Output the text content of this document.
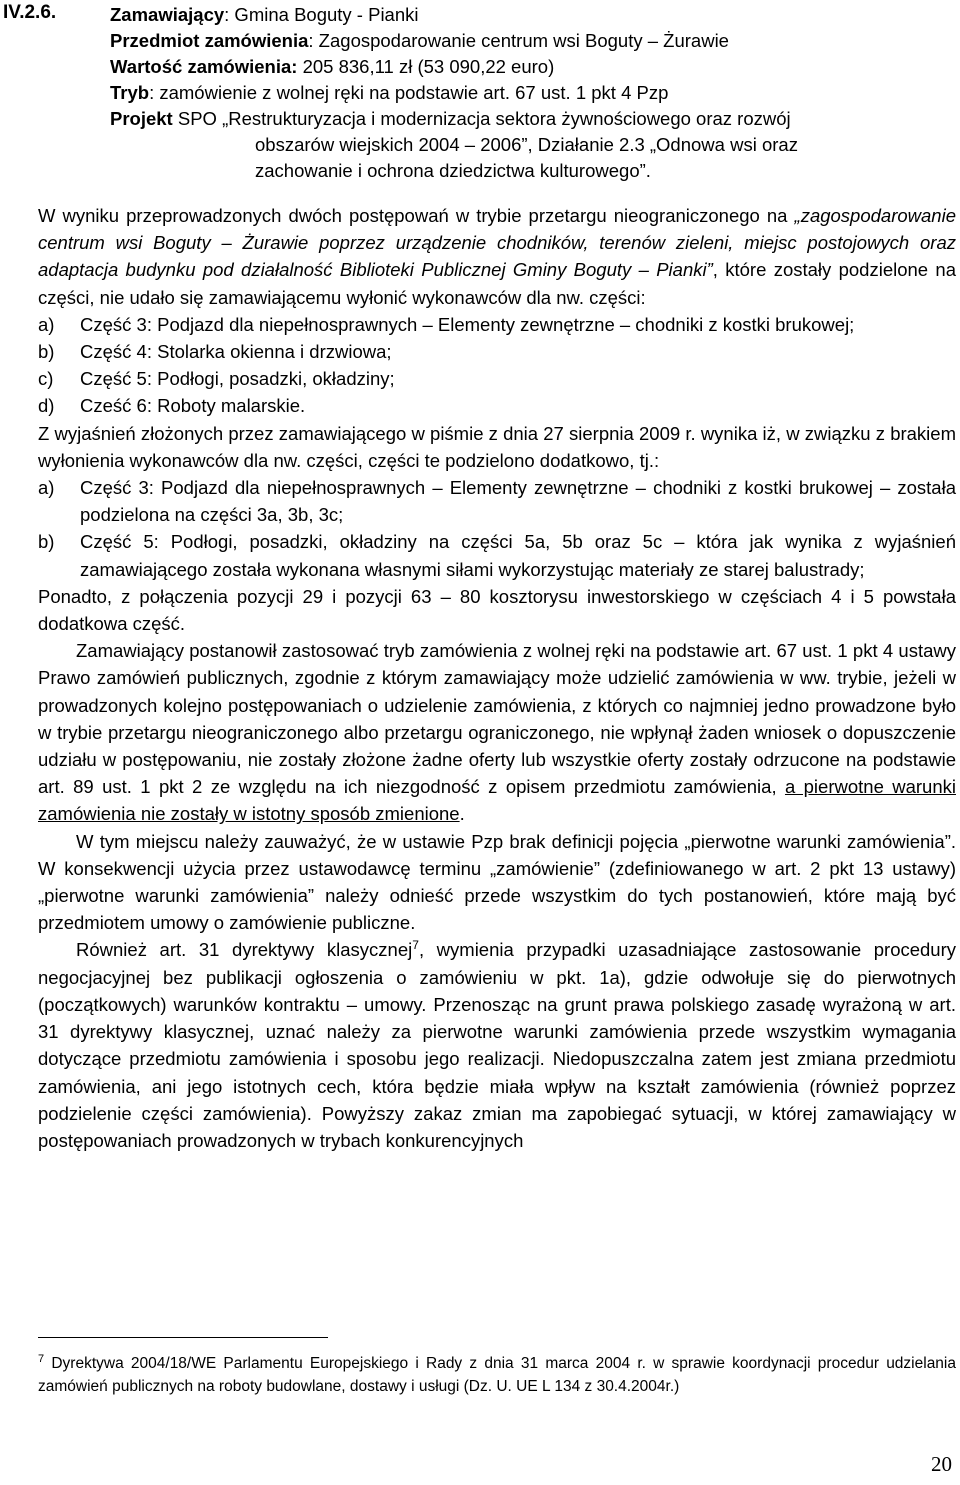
IV.2.6.	Zamawiający: Gmina Boguty - Pianki
Przedmiot zamówienia: Zagospodarowanie centrum wsi Boguty – Żurawie
Wartość zamówienia: 205 836,11 zł (53 090,22 euro)
Tryb: zamówienie z wolnej ręki na podstawie art. 67 ust. 1 pkt 4 Pzp
Projekt SPO „Restrukturyzacja i modernizacja sektora żywnościowego oraz rozwój
obszarów wiejskich 2004 – 2006”, Działanie 2.3 „Odnowa wsi oraz
zachowanie i ochrona dziedzictwa kulturowego”.

W wyniku przeprowadzonych dwóch postępowań w trybie przetargu nieograniczonego na „zagospodarowanie centrum wsi Boguty – Żurawie poprzez urządzenie chodników, terenów zieleni, miejsc postojowych oraz adaptacja budynku pod działalność Biblioteki Publicznej Gminy Boguty – Pianki”, które zostały podzielone na części, nie udało się zamawiającemu wyłonić wykonawców dla nw. części:

a) Część 3: Podjazd dla niepełnosprawnych – Elementy zewnętrzne – chodniki z kostki brukowej;
b) Część 4: Stolarka okienna i drzwiowa;
c) Część 5: Podłogi, posadzki, okładziny;
d) Cześć 6: Roboty malarskie.

Z wyjaśnień złożonych przez zamawiającego w piśmie z dnia 27 sierpnia 2009 r. wynika iż, w związku z brakiem wyłonienia wykonawców dla nw. części, części te podzielono dodatkowo, tj.:

a) Część 3: Podjazd dla niepełnosprawnych – Elementy zewnętrzne – chodniki z kostki brukowej – została podzielona na części 3a, 3b, 3c;
b) Część 5: Podłogi, posadzki, okładziny na części 5a, 5b oraz 5c – która jak wynika z wyjaśnień zamawiającego została wykonana własnymi siłami wykorzystując materiały ze starej balustrady;

Ponadto, z połączenia pozycji 29 i pozycji 63 – 80 kosztorysu inwestorskiego w częściach 4 i 5 powstała dodatkowa część.

Zamawiający postanowił zastosować tryb zamówienia z wolnej ręki na podstawie art. 67 ust. 1 pkt 4 ustawy Prawo zamówień publicznych, zgodnie z którym zamawiający może udzielić zamówienia w ww. trybie, jeżeli w prowadzonych kolejno postępowaniach o udzielenie zamówienia, z których co najmniej jedno prowadzone było w trybie przetargu nieograniczonego albo przetargu ograniczonego, nie wpłynął żaden wniosek o dopuszczenie udziału w postępowaniu, nie zostały złożone żadne oferty lub wszystkie oferty zostały odrzucone na podstawie art. 89 ust. 1 pkt 2 ze względu na ich niezgodność z opisem przedmiotu zamówienia, a pierwotne warunki zamówienia nie zostały w istotny sposób zmienione.

W tym miejscu należy zauważyć, że w ustawie Pzp brak definicji pojęcia „pierwotne warunki zamówienia”. W konsekwencji użycia przez ustawodawcę terminu „zamówienie” (zdefiniowanego w art. 2 pkt 13 ustawy) „pierwotne warunki zamówienia” należy odnieść przede wszystkim do tych postanowień, które mają być przedmiotem umowy o zamówienie publiczne.

Również art. 31 dyrektywy klasycznej$^7$, wymienia przypadki uzasadniające zastosowanie procedury negocjacyjnej bez publikacji ogłoszenia o zamówieniu w pkt. 1a), gdzie odwołuje się do pierwotnych (początkowych) warunków kontraktu – umowy. Przenosząc na grunt prawa polskiego zasadę wyrażoną w art. 31 dyrektywy klasycznej, uznać należy za pierwotne warunki zamówienia przede wszystkim wymagania dotyczące przedmiotu zamówienia i sposobu jego realizacji. Niedopuszczalna zatem jest zmiana przedmiotu zamówienia, ani jego istotnych cech, która będzie miała wpływ na kształt zamówienia (również poprzez podzielenie części zamówienia). Powyższy zakaz zmian ma zapobiegać sytuacji, w której zamawiający w postępowaniach prowadzonych w trybach konkurencyjnych

$^7$ Dyrektywa 2004/18/WE Parlamentu Europejskiego i Rady z dnia 31 marca 2004 r. w sprawie koordynacji procedur udzielania zamówień publicznych na roboty budowlane, dostawy i usługi (Dz. U. UE L 134 z 30.4.2004r.)
20
